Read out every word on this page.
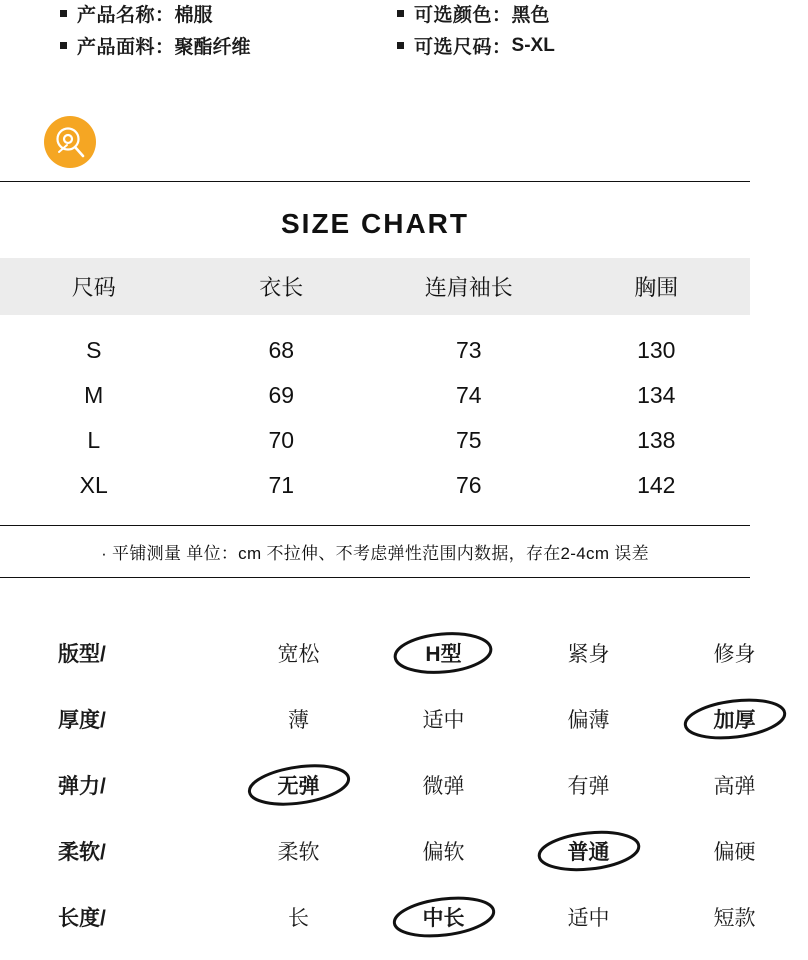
产品名称： 棉服
产品面料： 聚酯纤维
可选颜色： 黑色
可选尺码： S-XL
SIZE CHART
尺码	衣长	连肩袖长	胸围
S	68	73	130
M	69	74	134
L	70	75	138
XL	71	76	142
· 平铺测量 单位：cm 不拉伸、不考虑弹性范围内数据，存在2-4cm 误差
版型/	宽松	H型	紧身	修身
厚度/	薄	适中	偏薄	加厚
弹力/	无弹	微弹	有弹	高弹
柔软/	柔软	偏软	普通	偏硬
长度/	长	中长	适中	短款
